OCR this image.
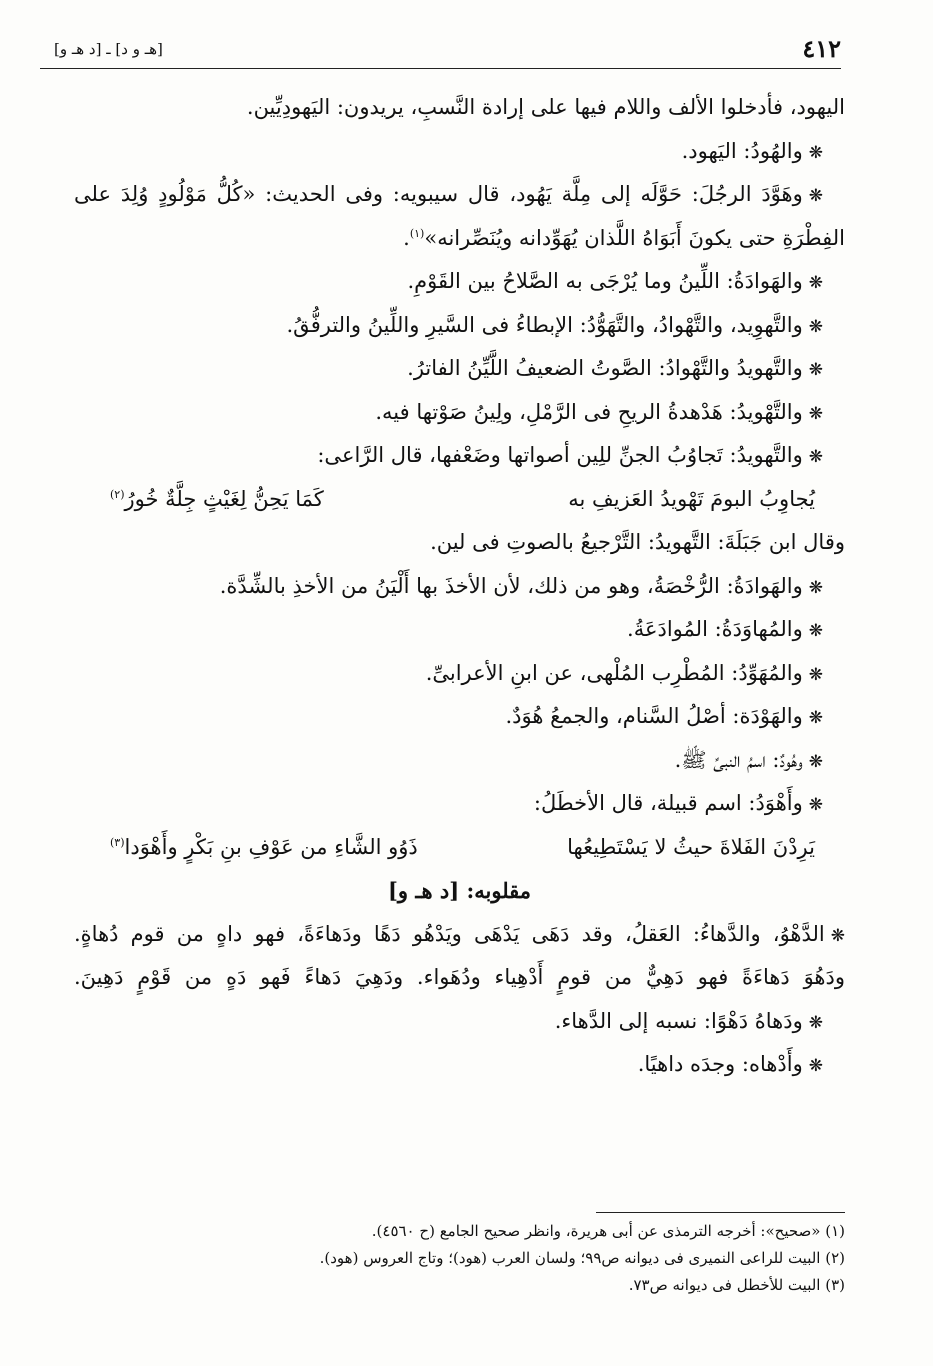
٤١٢
[هـ و د] ـ [د هـ و]
اليهود، فأدخلوا الألف واللام فيها على إرادة النَّسبِ، يريدون: اليَهودِيِّين.
❋والهُودُ: اليَهود.
❋وهَوَّدَ الرجُلَ: حَوَّلَه إلى مِلَّة يَهُود، قال سيبويه: وفى الحديث: «كُلُّ مَوْلُودٍ وُلِدَ على
الفِطْرَةِ حتى يكونَ أَبَوَاهُ اللَّذان يُهَوِّدانه ويُنَصِّرانه»$^{(١)}$.
❋والهَوادَةُ: اللِّينُ وما يُرْجَى به الصَّلاحُ بين القَوْمِ.
❋والتَّهوِيد، والتَّهْوادُ، والتَّهَوُّدُ: الإبطاءُ فى السَّيرِ واللِّينُ والترفُّقُ.
❋والتَّهويدُ والتَّهْوادُ: الصَّوتُ الضعيفُ اللَّيِّنُ الفاترُ.
❋والتَّهْويدُ: هَدْهدةُ الريحِ فى الرَّمْلِ، ولِينُ صَوْتها فيه.
❋والتَّهويدُ: تَجاوُبُ الجنِّ للِين أصواتها وضَعْفها، قال الرَّاعى:
يُجاوِبُ البومَ تَهْويدُ العَزيفِ به
كَمَا يَحِنُّ لِغَيْثٍ جِلَّةٌ خُورُ$^{(٢)}$
وقال ابن جَبَلَةَ: التَّهويدُ: التَّرْجيعُ بالصوتِ فى لين.
❋والهَوادَةُ: الرُّخْصَةُ، وهو من ذلك، لأن الأخذَ بها أَلْيَنُ من الأخذِ بالشِّدَّة.
❋والمُهاوَدَةُ: المُوادَعَةُ.
❋والمُهَوِّدُ: المُطْرِب المُلْهى، عن ابنِ الأعرابىِّ.
❋والهَوْدَة: أصْلُ السَّنام، والجمعُ هُوَدٌ.
❋وهُودٌ: اسمُ النبىِّ ﷺ.
❋وأَهْوَدُ: اسم قبيلة، قال الأخطَلُ:
يَرِدْنَ الفَلاةَ حيثُ لا يَسْتَطِيعُها
ذَوُو الشَّاءِ من عَوْفِ بنِ بَكْرٍ وأَهْوَدا$^{(٣)}$
مقلوبه: [د هـ و]
❋الدَّهْوُ، والدَّهاءُ: العَقلُ، وقد دَهَى يَدْهَى ويَدْهُو دَهًا ودَهاءَةً، فهو داهٍ من قوم دُهاةٍ.
ودَهُوَ دَهاءَةً فهو دَهِيٌّ من قومٍ أَدْهِياء ودُهَواء. ودَهِيَ دَهاءً فَهو دَهٍ من قَوْمٍ دَهِينَ.
❋ودَهاهُ دَهْوًا: نسبه إلى الدَّهاء.
❋وأَدْهاه: وجدَه داهيًا.
(١) «صحيح»: أخرجه الترمذى عن أبى هريرة، وانظر صحيح الجامع (ح ٤٥٦٠).
(٢) البيت للراعى النميرى فى ديوانه ص٩٩؛ ولسان العرب (هود)؛ وتاج العروس (هود).
(٣) البيت للأخطل فى ديوانه ص٧٣.
